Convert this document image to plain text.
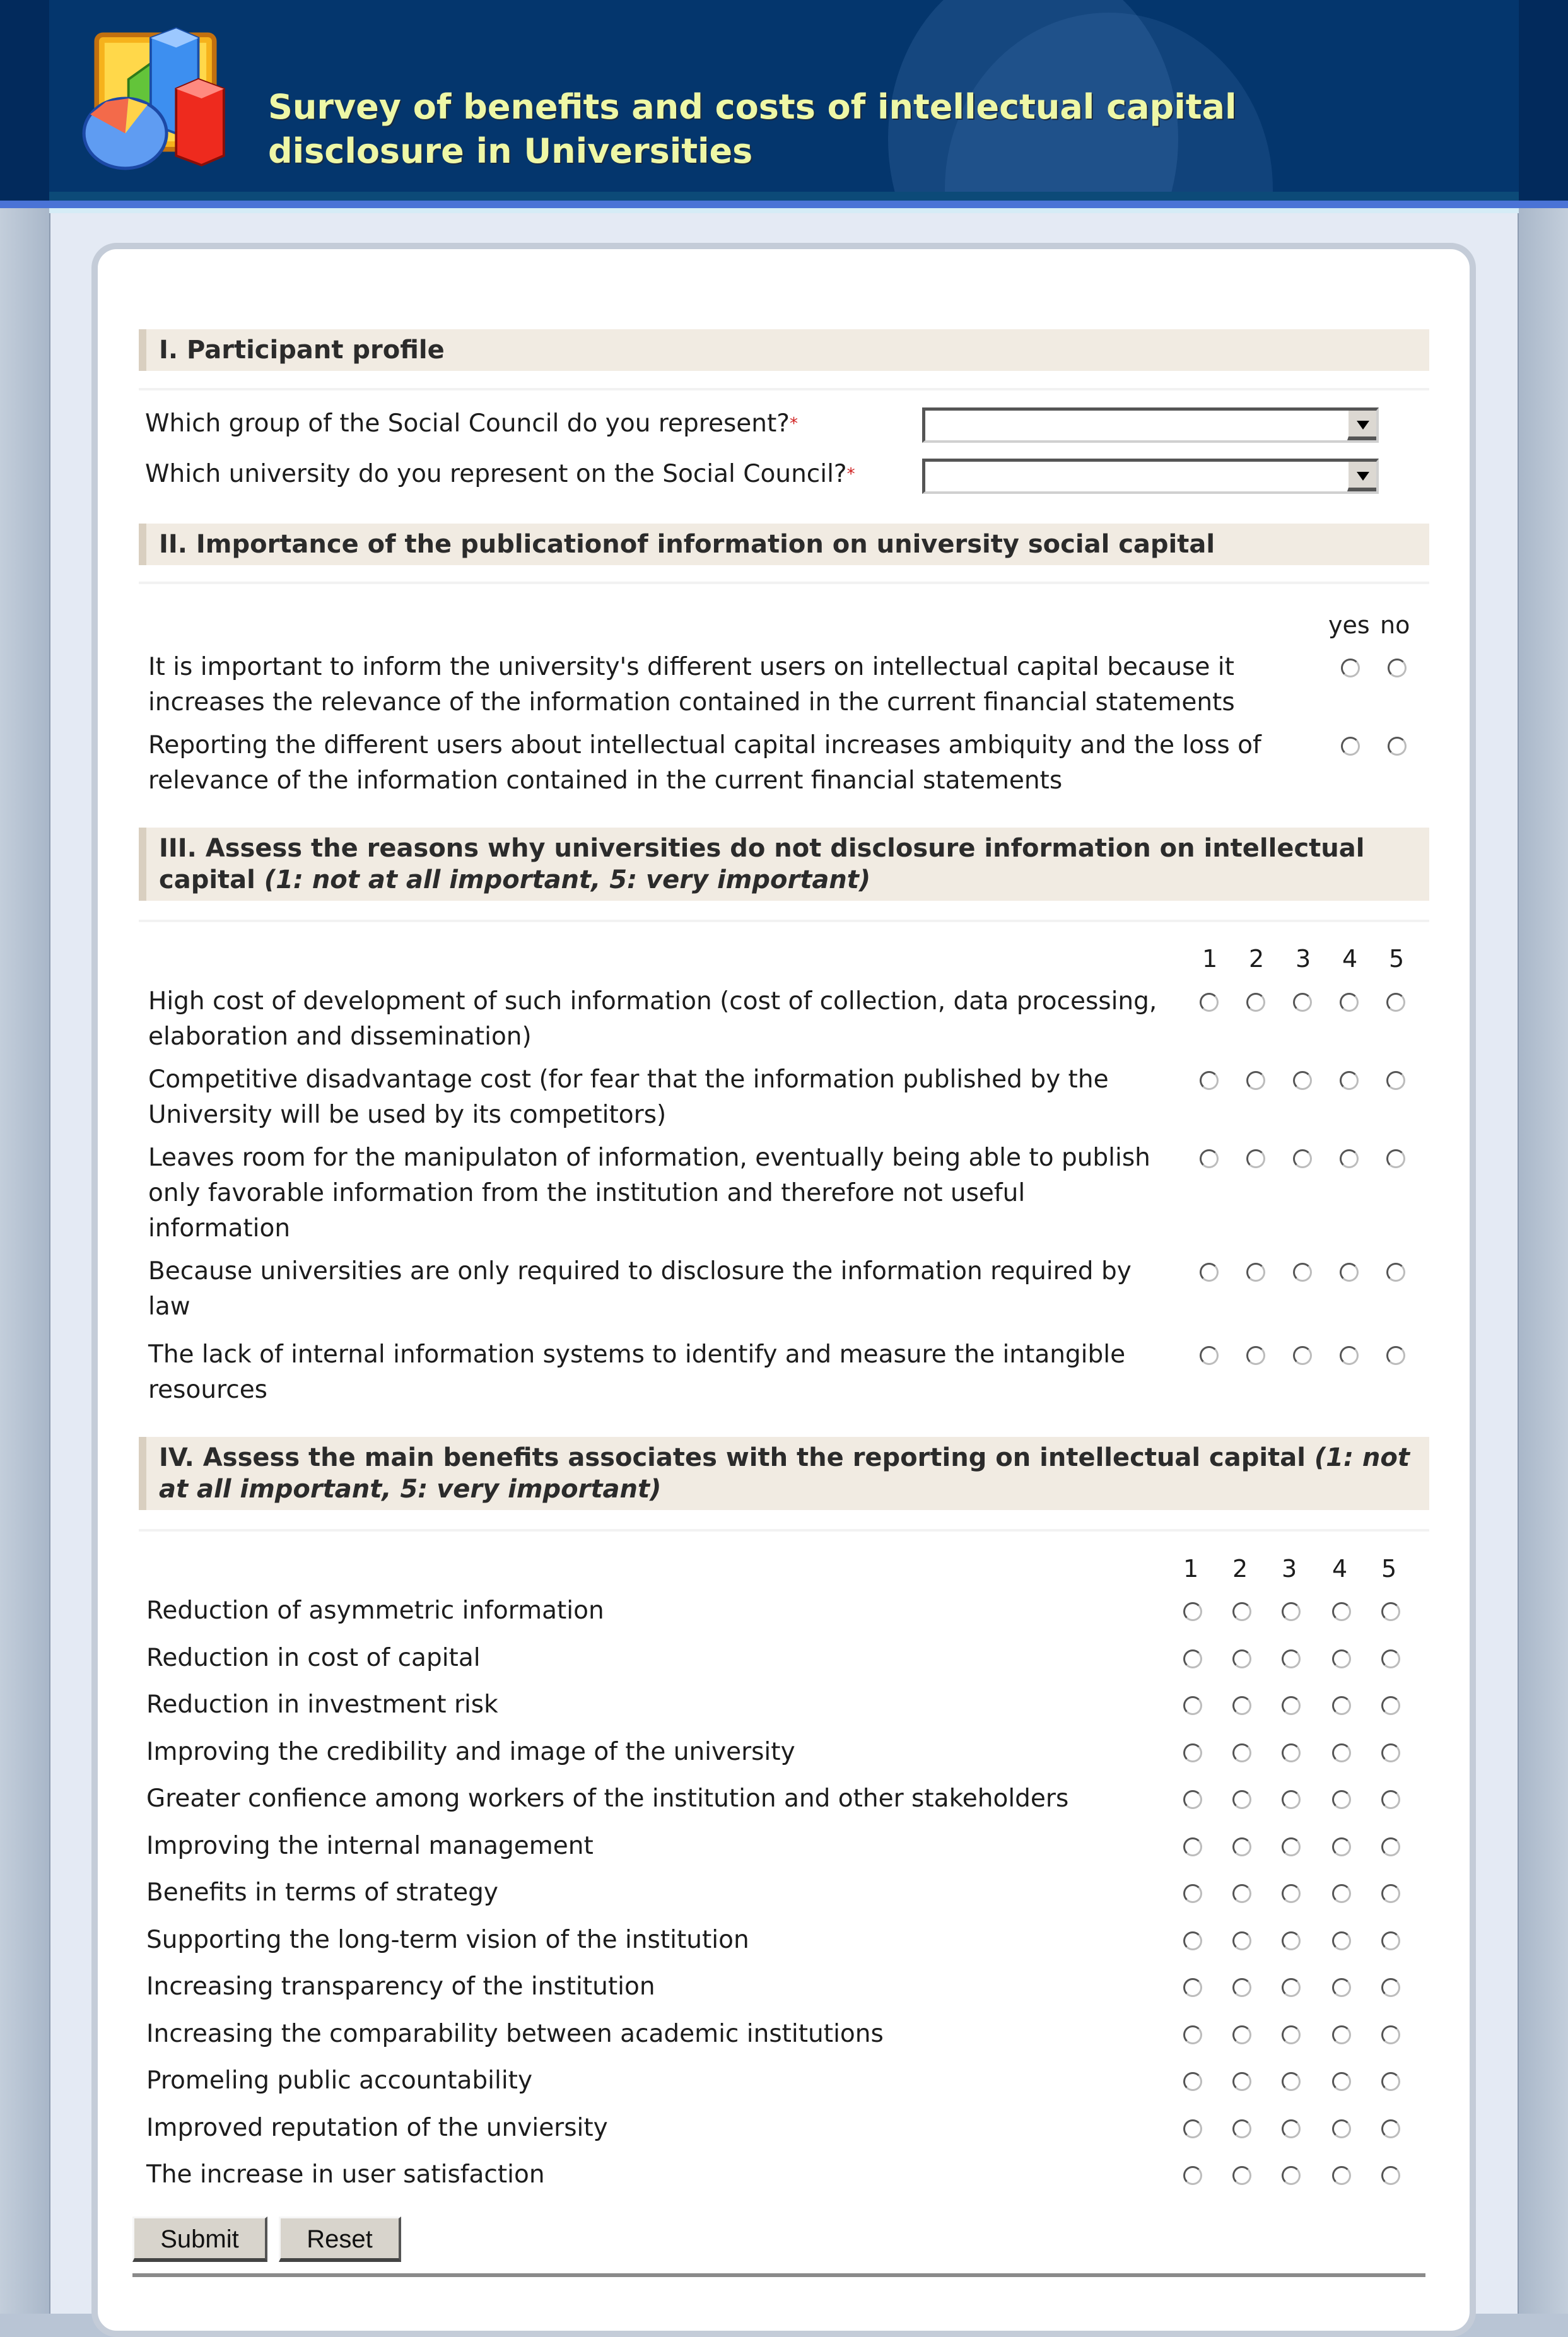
Survey of benefits and costs of intellectual capital
disclosure in Universities
I. Participant profile
Which group of the Social Council do you represent?*
Which university do you represent on the Social Council?*
II. Importance of the publicationof information on university social capital
yes no
It is important to inform the university's different users on intellectual capital because it
increases the relevance of the information contained in the current financial statements
Reporting the different users about intellectual capital increases ambiquity and the loss of
relevance of the information contained in the current financial statements
III. Assess the reasons why universities do not disclosure information on intellectual
capital (1: not at all important, 5: very important)
1 2 3 4 5
High cost of development of such information (cost of collection, data processing,
elaboration and dissemination)
Competitive disadvantage cost (for fear that the information published by the
University will be used by its competitors)
Leaves room for the manipulaton of information, eventually being able to publish
only favorable information from the institution and therefore not useful
information
Because universities are only required to disclosure the information required by
law
The lack of internal information systems to identify and measure the intangible
resources
IV. Assess the main benefits associates with the reporting on intellectual capital (1: not
at all important, 5: very important)
1 2 3 4 5
Reduction of asymmetric information
Reduction in cost of capital
Reduction in investment risk
Improving the credibility and image of the university
Greater confience among workers of the institution and other stakeholders
Improving the internal management
Benefits in terms of strategy
Supporting the long-term vision of the institution
Increasing transparency of the institution
Increasing the comparability between academic institutions
Promeling public accountability
Improved reputation of the unviersity
The increase in user satisfaction
Submit	Reset
